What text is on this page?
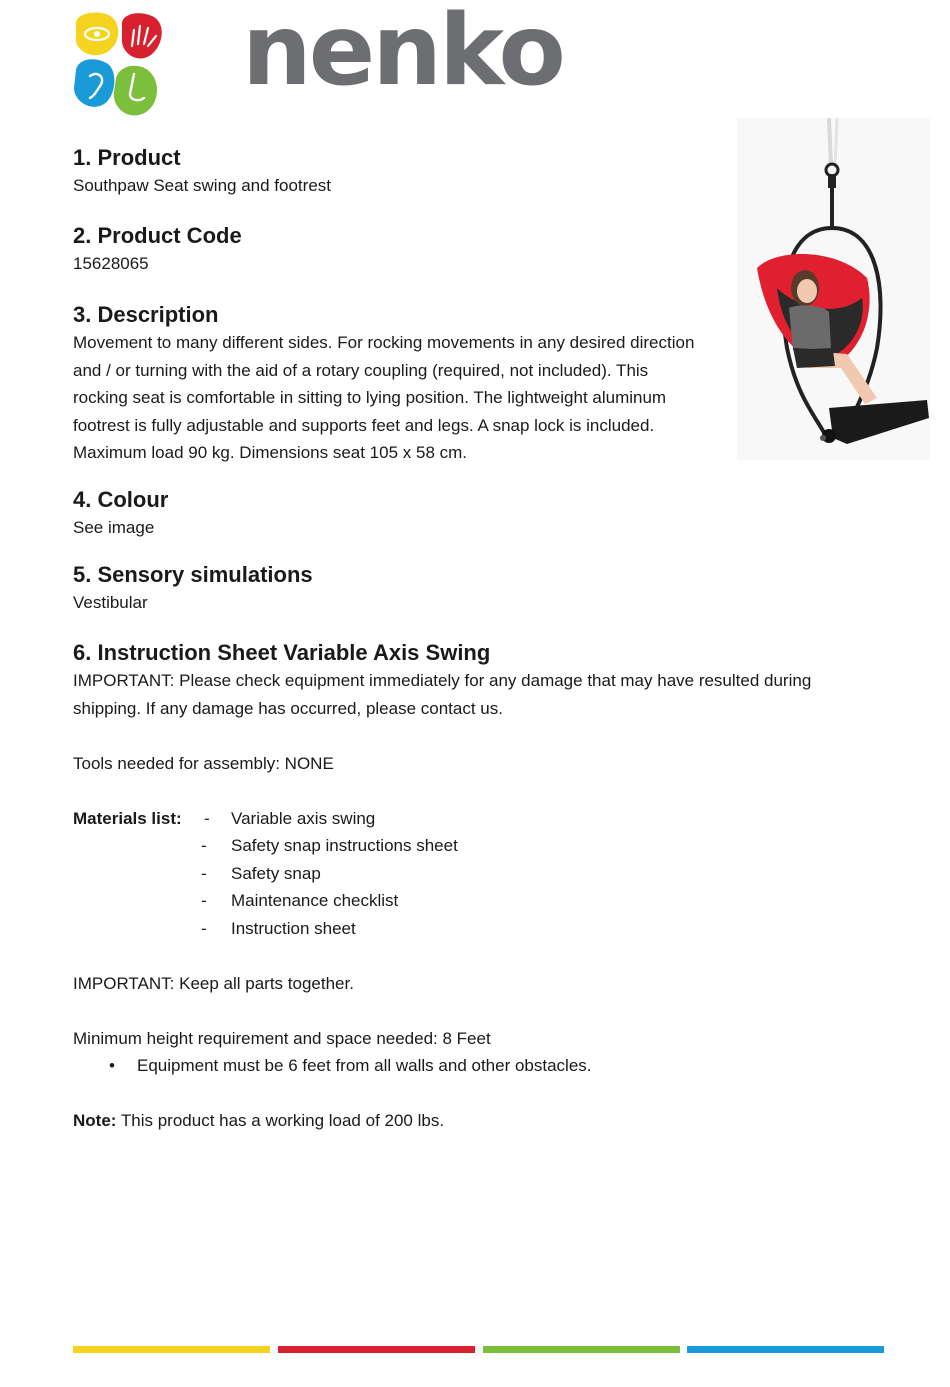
nenko
1. Product

Southpaw Seat swing and footrest

2. Product Code

15628065

3. Description

Movement to many different sides. For rocking movements in any desired direction and / or turning with the aid of a rotary coupling (required, not included). This rocking seat is comfortable in sitting to lying position. The lightweight aluminum footrest is fully adjustable and supports feet and legs. A snap lock is included. Maximum load 90 kg. Dimensions seat 105 x 58 cm.

4. Colour

See image

5. Sensory simulations

Vestibular

6. Instruction Sheet Variable Axis Swing

IMPORTANT: Please check equipment immediately for any damage that may have resulted during shipping. If any damage has occurred, please contact us.

Tools needed for assembly: NONE

Materials list:	-	Variable axis swing
-	Safety snap instructions sheet
-	Safety snap
-	Maintenance checklist
-	Instruction sheet

IMPORTANT: Keep all parts together.

Minimum height requirement and space needed: 8 Feet

• Equipment must be 6 feet from all walls and other obstacles.

Note: This product has a working load of 200 lbs.
